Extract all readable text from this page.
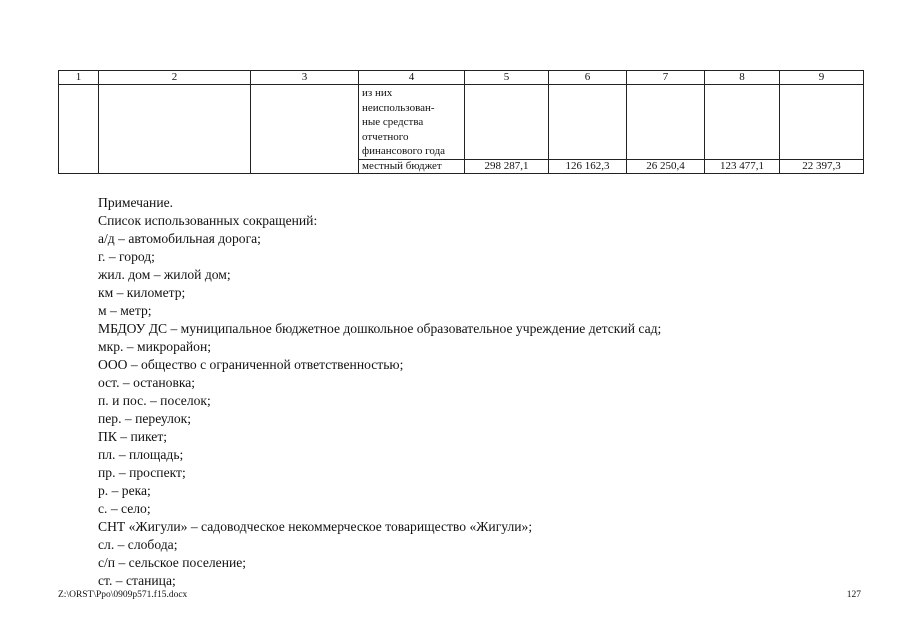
1	2	3	4	5	6	7	8	9

			из них
неиспользован-
ные средства
отчетного
финансового года					

			местный бюджет	298 287,1	126 162,3	26 250,4	123 477,1	22 397,3
Примечание.
Список использованных сокращений:
а/д – автомобильная дорога;
г. – город;
жил. дом – жилой дом;
км – километр;
м – метр;
МБДОУ ДС – муниципальное бюджетное дошкольное образовательное учреждение детский сад;
мкр. – микрорайон;
ООО – общество с ограниченной ответственностью;
ост. – остановка;
п. и пос. – поселок;
пер. – переулок;
ПК – пикет;
пл. – площадь;
пр. – проспект;
р. – река;
с. – село;
СНТ «Жигули» – садоводческое некоммерческое товарищество «Жигули»;
сл. – слобода;
с/п – сельское поселение;
ст. – станица;
Z:\ORST\Ppo\0909p571.f15.docx	127
